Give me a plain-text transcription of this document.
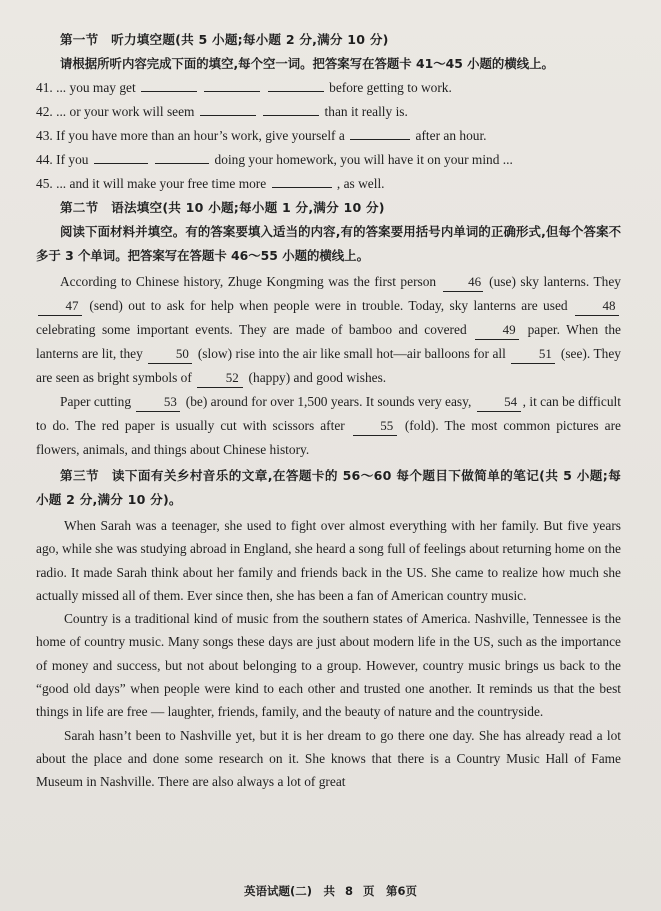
第一节　听力填空题(共 5 小题;每小题 2 分,满分 10 分)
请根据所听内容完成下面的填空,每个空一词。把答案写在答题卡 41～45 小题的横线上。
41. ... you may get	before getting to work.
42. ... or your work will seem	than it really is.
43. If you have more than an hour’s work, give yourself a	after an hour.
44. If you	doing your homework, you will have it on your mind ...
45. ... and it will make your free time more	, as well.
第二节　语法填空(共 10 小题;每小题 1 分,满分 10 分)
阅读下面材料并填空。有的答案要填入适当的内容,有的答案要用括号内单词的正确形式,但每个答案不多于 3 个单词。把答案写在答题卡 46～55 小题的横线上。

According to Chinese history, Zhuge Kongming was the first person 46 (use) sky lanterns. They 47 (send) out to ask for help when people were in trouble. Today, sky lanterns are used	48 celebrating some important events. They are made of bamboo and covered	49 paper. When the lanterns are lit, they	50 (slow) rise into the air like small hot—air balloons for all	51 (see). They are seen as bright symbols of	52 (happy) and good wishes.

Paper cutting	53 (be) around for over 1,500 years. It sounds very easy,	54 , it can be difficult to do. The red paper is usually cut with scissors after	55 (fold). The most common pictures are flowers, animals, and things about Chinese history.

第三节　读下面有关乡村音乐的文章,在答题卡的 56～60 每个题目下做简单的笔记(共 5 小题;每小题 2 分,满分 10 分)。

When Sarah was a teenager, she used to fight over almost everything with her family. But five years ago, while she was studying abroad in England, she heard a song full of feelings about returning home on the radio. It made Sarah think about her family and friends back in the US. She came to realize how much she actually missed all of them. Ever since then, she has been a fan of American country music.

Country is a traditional kind of music from the southern states of America. Nashville, Tennessee is the home of country music. Many songs these days are just about modern life in the US, such as the importance of money and success, but not about belonging to a group. However, country music brings us back to the “good old days” when people were kind to each other and trusted one another. It reminds us that the best things in life are free — laughter, friends, family, and the beauty of nature and the countryside.

Sarah hasn’t been to Nashville yet, but it is her dream to go there one day. She has already read a lot about the place and done some research on it. She knows that there is a Country Music Hall of Fame Museum in Nashville. There are also always a lot of great

英语试题(二)　共 8 页　第6页
